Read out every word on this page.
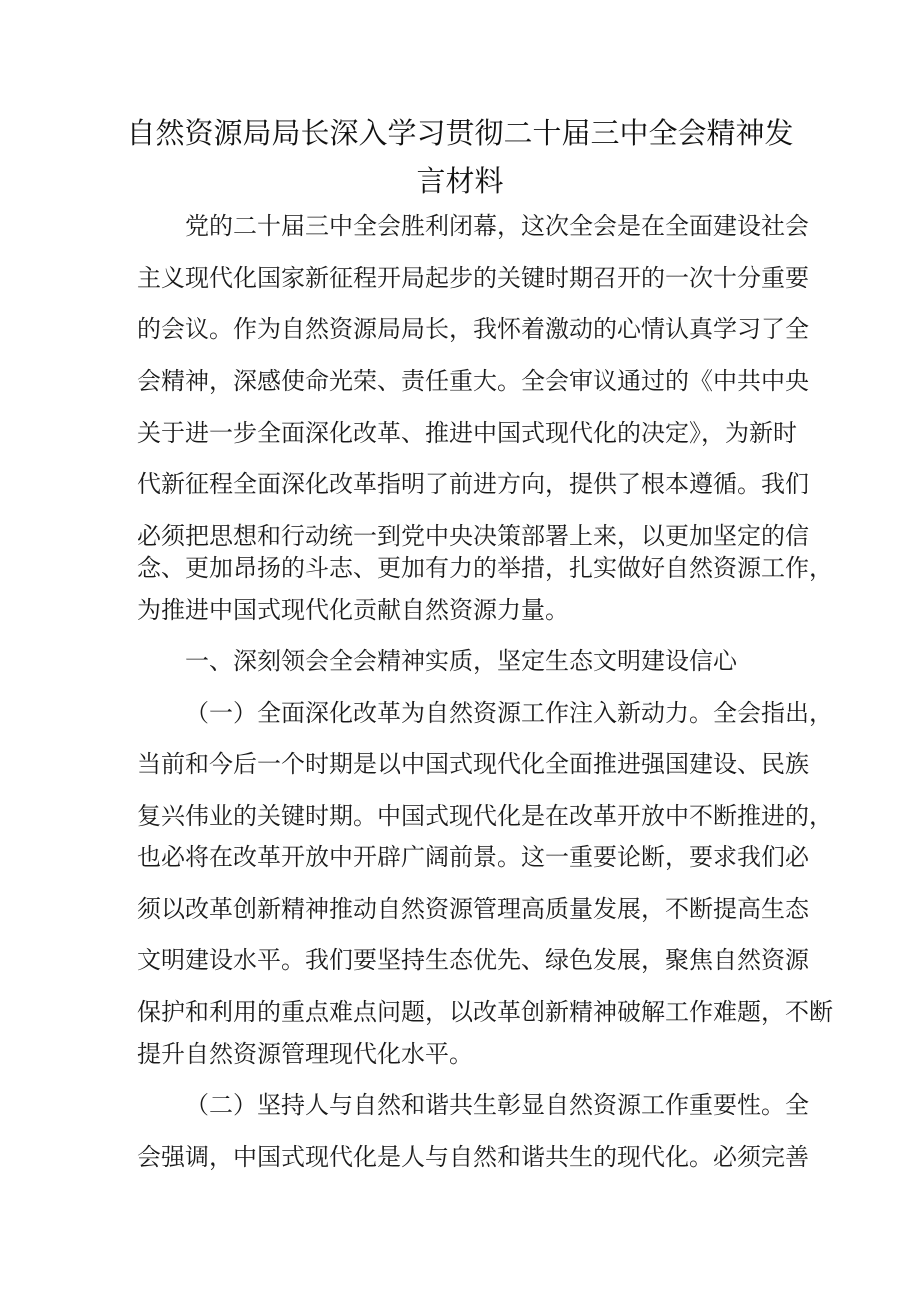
自然资源局局长深入学习贯彻二十届三中全会精神发
言材料

党的二十届三中全会胜利闭幕，这次全会是在全面建设社会

主义现代化国家新征程开局起步的关键时期召开的一次十分重要

的会议。作为自然资源局局长，我怀着激动的心情认真学习了全

会精神，深感使命光荣、责任重大。全会审议通过的《中共中央

关于进一步全面深化改革、推进中国式现代化的决定》，为新时

代新征程全面深化改革指明了前进方向，提供了根本遵循。我们

必须把思想和行动统一到党中央决策部署上来，以更加坚定的信

念、更加昂扬的斗志、更加有力的举措，扎实做好自然资源工作，

为推进中国式现代化贡献自然资源力量。

一、深刻领会全会精神实质，坚定生态文明建设信心

（一）全面深化改革为自然资源工作注入新动力。全会指出，

当前和今后一个时期是以中国式现代化全面推进强国建设、民族

复兴伟业的关键时期。中国式现代化是在改革开放中不断推进的，

也必将在改革开放中开辟广阔前景。这一重要论断，要求我们必

须以改革创新精神推动自然资源管理高质量发展，不断提高生态

文明建设水平。我们要坚持生态优先、绿色发展，聚焦自然资源

保护和利用的重点难点问题，以改革创新精神破解工作难题，不断

提升自然资源管理现代化水平。

（二）坚持人与自然和谐共生彰显自然资源工作重要性。全

会强调，中国式现代化是人与自然和谐共生的现代化。必须完善
